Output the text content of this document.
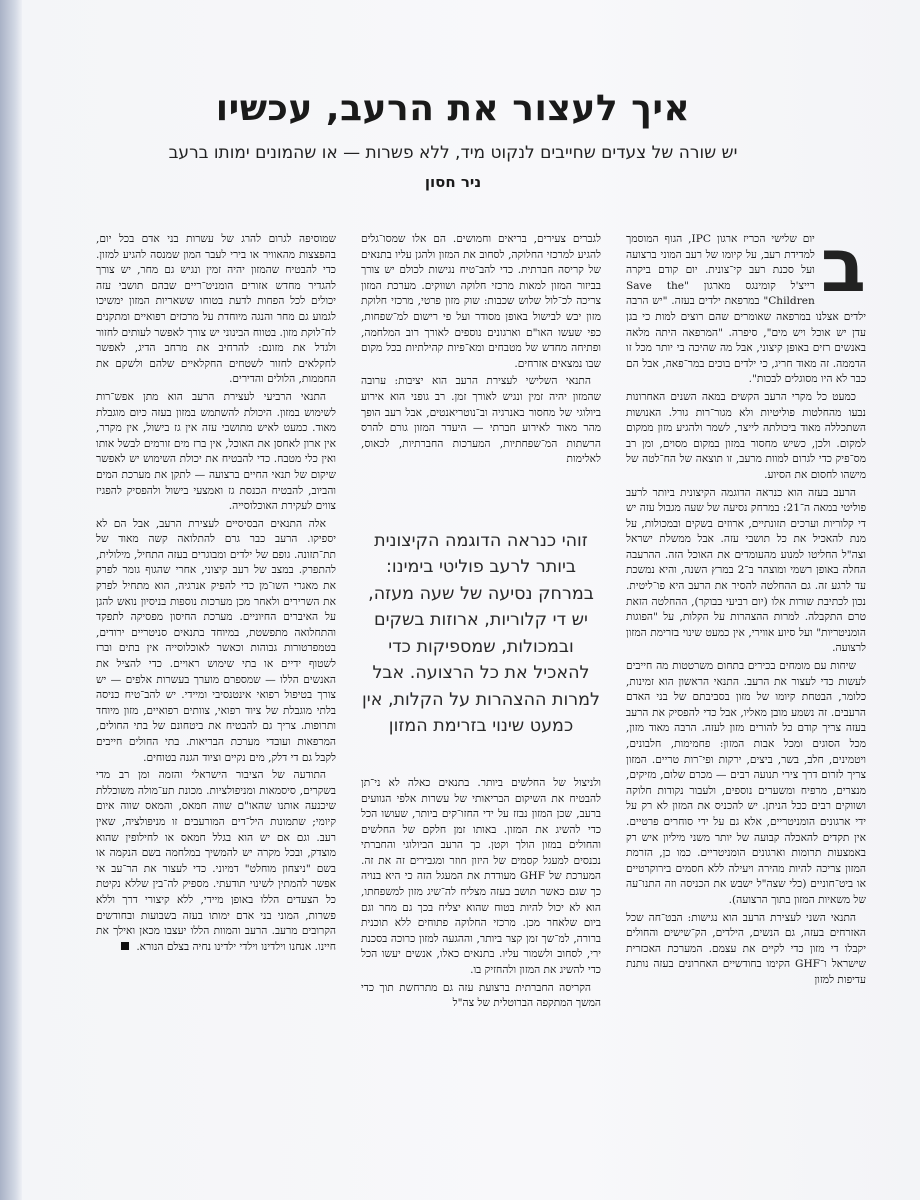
איך לעצור את הרעב, עכשיו
יש שורה של צעדים שחייבים לנקוט מיד, ללא פשרות — או שהמונים ימותו ברעב
ניר חסון
ב

יום שלישי הכריז ארגון IPC, הגוף המוסמך למדידת רעב, על קיומו של רעב המוני ברצועה ועל סכנת רעב קי־צונית. יום קודם ביקרה רייצ'ל קומינגס מארגון "Save the Children" במרפאת ילדים בעזה. "יש הרבה ילדים אצלנו במרפאה שאומרים שהם רוצים למות כי בגן עדן יש אוכל ויש מים", סיפרה. "המרפאה היתה מלאה באנשים רזים באופן קיצוני, אבל מה שהיכה בי יותר מכל זו הדממה. זה מאוד חריג, כי ילדים בוכים במר־פאה, אבל הם כבר לא היו מסוגלים לבכות".

כמעט כל מקרי הרעב הקשים במאה השנים האחרונות נבעו מהחלטות פוליטיות ולא מגור־רות גורל. האנושות השתכללה מאוד ביכולתה לייצר, לשמר ולהגיע מזון ממקום למקום. ולכן, כשיש מחסור במזון במקום מסוים, ומן רב מס־פיק כדי לגרום למוות מרעב, זו תוצאה של הח־לטה של מישהו לחסום את הסיוע.

הרעב בעזה הוא כנראה הדוגמה הקיצונית ביותר לרעב פוליטי במאה ה־21: במרחק נסיעה של שעה מגבול עזה יש די קלוריות וערכים תזונתיים, ארוזים בשקים ובמכולות, על מנת להאכיל את כל תושבי עזה. אבל ממשלת ישראל וצה"ל החליטו למנוע מהעומדים את האוכל הזה. ההרעבה החלה באופן רשמי ומוצהר ב־2 במרץ השנה, והיא נמשכת עד לרגע זה. גם ההחלטה להסיר את הרעב היא פו־ליטית. נכון לכתיבת שורות אלו (יום רביעי בבוקר), ההחלטה הזאת טרם התקבלה. למרות ההצהרות על הקלות, על "הפוגות הומניטריות" ועל סיוע אווירי, אין כמעט שינוי בזרימת המזון לרצועה.

שיחות עם מומחים בכירים בתחום משרטטות מה חייבים לעשות כדי לעצור את הרעב. התנאי הראשון הוא זמינות, כלומר, הבטחת קיומו של מזון בסביבתם של בני האדם הרעבים. זה נשמע מובן מאליו, אבל כדי להפסיק את הרעב בעזה צריך קודם כל להורים מזון לעזה. הרבה מאוד מזון, מכל הסוגים ומכל אבות המזון: פחמימות, חלבונים, ויטמינים, חלב, בשר, ביצים, ירקות ופי־רות טריים. המזון צריך לזרום דרך צירי תנועה רבים — מכרם שלום, מזיקים, מנצרים, מרפיח ומשערים נוספים, ולעבור נקודות חלוקה ושווקים רבים ככל הניתן. יש להכניס את המזון לא רק על ידי ארגונים הומניטריים, אלא גם על ידי סוחרים פרטיים. אין תקדים להאכלה קבועה של יותר משני מיליון איש רק באמצעות תרומות וארגונים הומניטריים. כמו כן, הזרמת המזון צריכה להיות מהירה ויעילה ללא חסמים בירוקרטיים או ביט־חוניים (כלי שצה"ל ישבש את הכניסה וזה התנו־עה של משאיות המזון בתוך הרצועה).

התנאי השני לעצירת הרעב הוא נגישות: הבט־חה שכל האזרחים בעזה, גם הנשים, הילדים, הק־שישים והחולים יקבלו די מזון כדי לקיים את עצמם. המערכת האכזרית שישראל ו־GHF הקימו בחודשיים האחרונים בעזה נותנת עדיפות למזון

לגברים צעירים, בריאים וחמושים. הם אלו שמסו־גלים להגיע למרכזי החלוקה, לסחוב את המזון ולהגן עליו בתנאים של קריסה חברתית. כדי להב־טיח נגישות לכולם יש צורך בביזור המזון למאות מרכזי חלוקה ושווקים. מערכת המזון צריכה לכ־לול שלוש שכבות: שוק מזון פרטי, מרכזי חלוקת מזון יבש לבישול באופן מסודר ועל פי רישום למ־שפחות, כפי שעשו האו"ם וארגונים נוספים לאורך רוב המלחמה, ופתיחה מחדש של מטבחים ומא־פיות קהילתיות בכל מקום שבו נמצאים אזרחים.

התנאי השלישי לעצירת הרעב הוא יציבות: ערובה שהמזון יהיה זמין ונגיש לאורך זמן. רב גופני הוא אירוע ביולוגי של מחסור באנרגיה וב־נוטריאנטים, אבל רעב הופך מהר מאוד לאירוע חברתי — היעדר המזון גורם להרס הרשתות המ־שפחתיות, המערכות החברתיות, לכאוס, לאלימות

זוהי כנראה הדוגמה הקיצונית ביותר לרעב פוליטי בימינו: במרחק נסיעה של שעה מעזה, יש די קלוריות, ארוזות בשקים ובמכולות, שמספיקות כדי להאכיל את כל הרצועה. אבל למרות ההצהרות על הקלות, אין כמעט שינוי בזרימת המזון

ולניצול של החלשים ביותר. בתנאים כאלה לא ני־תן להבטיח את השיקום הבריאותי של עשרות אלפי הגוועים ברעב, שכן המזון נבזז על ידי החזו־קים ביותר, שעושו הכל כדי להשיג את המזון. באותו זמן חלקם של החלשים והחולים במזון הולך וקטן. כך הרעב הביולוגי והחברתי נכנסים למעגל קסמים של היזון חוזר ומגבירים זה את זה. המערכת של GHF מעודדת את המעגל הזה כי היא בנויה כך שגם כאשר תושב בעזה מצליח לה־שיג מזון למשפחתו, הוא לא יכול להיות בטוח שהוא יצליח בכך גם מחר וגם ביום שלאחר מכן. מרכזי החלוקה פתוחים ללא תוכנית ברורה, למ־שך זמן קצר ביותר, וההגעה למזון כרוכה בסכנת ירי, לסחוב ולשמור עליו. בתנאים כאלו, אנשים יעשו הכל כדי להשיג את המזון ולהחזיק בו.

הקריסה החברתית ברצועת עזה גם מתרחשת תוך כדי המשך המתקפה הברוטלית של צה"ל

שמוסיפה לגרום להרג של עשרות בני אדם בכל יום, בהפצצות מהאוויר או בירי לעבר המון שמנסה להגיע למזון. כדי להבטיח שהמזון יהיה זמין ונגיש גם מחר, יש צורך להגדיר מחדש אזורים הומניט־ריים שבהם תושבי עזה יכולים לכל הפחות לדעת בטוחו ששאריות המזון ימשיכו לגמוע גם מחר והנגה מיוחדת על מרכזים רפואיים ומתקנים לח־לוקת מזון. בטווח הבינוני יש צורך לאפשר לעותים לחזור ולגדל את מזונם: להרחיב את מרחב הדיג, לאפשר לחקלאים לחזור לשטחים החקלאיים שלהם ולשקם את החממות, הלולים והדירים.

התנאי הרביעי לעצירת הרעב הוא מתן אפש־רות לשימוש במזון. היכולת להשתמש במזון בעזה כיום מוגבלת מאוד. כמעט לאיש מתושבי עזה אין גז בישול, אין מקרר, אין ארון לאחסן את האוכל, אין ברז מים זורמים לבשל אותו ואין כלי מטבח. כדי להבטיח את יכולת השימוש יש לאפשר שיקום של תנאי החיים ברצועה — לתקן את מערכת המים והביוב, להבטיח הכנסת גז ואמצעי בישול ולהפסיק להפגיז צווים לעקירת האוכלוסייה.

אלה התנאים הבסיסיים לעצירת הרעב, אבל הם לא יספיקו. הרעב כבר גרם להתלואה קשה מאוד של תת־תזונה. גופם של ילדים ומבוגרים בעזה התחיל, מילולית, להתפרק. במצב של רעב קיצוני, אחרי שהגוף גומר לפרק את מאגרי השו־מן כדי להפיק אנרגיה, הוא מתחיל לפרק את השרירים ולאחר מכן מערכות נוספות בניסיון נואש להגן על האיברים החיוניים. מערכת החיסון מפסיקה לתפקד והתחלואה מתפשטת, במיוחד בתנאים סניטריים ירודים, בטמפרטורות גבוהות וכאשר לאוכלוסייה אין בתים וברז לשטוף ידיים או בתי שימוש ראויים. כדי להציל את האנשים הללו — שמספרם מוערך בעשרות אלפים — יש צורך בטיפול רפואי אינטנסיבי ומיידי. יש להב־טיח כניסה בלתי מוגבלת של ציוד רפואי, צוותים רפואיים, מזון מיוחד ותרופות. צריך גם להבטיח את ביטחונם של בתי החולים, המרפאות ועובדי מערכת הבריאות. בתי החולים חייבים לקבל גם די דלק, מים נקיים וציוד הגנה בטוחים.

התודעה של הציבור הישראלי והזמה ומן רב מדי בשקרים, סיסמאות ומניפולציות. מכונת תע־מולה משוכללת שיכנעה אותנו שהאו"ם שווה חמאס, והמאס שווה איום קיומי; שתמונות היל־דים המורעבים זו מניפולציה, שאין רעב. וגם אם יש הוא בגלל חמאס או לחילופין שהוא מוצדק, ובכל מקרה יש להמשיך במלחמה בשם הנקמה או בשם "ניצחון מוחלט" דמיוני. כדי לעצור את הר־עב אי אפשר להמתין לשינוי תודעתי. מספיק לה־בין שללא נקיטת כל הצעדים הללו באופן מיידי, ללא קיצורי דרך וללא פשרות, המוני בני אדם ימותו בעזה בשבועות ובחודשים הקרובים מרעב. הרעב והמוות הללו יעצבו מכאן ואילך את חיינו. אנחנו וילדינו וילדי ילדינו נחיה בצלם הנורא.
